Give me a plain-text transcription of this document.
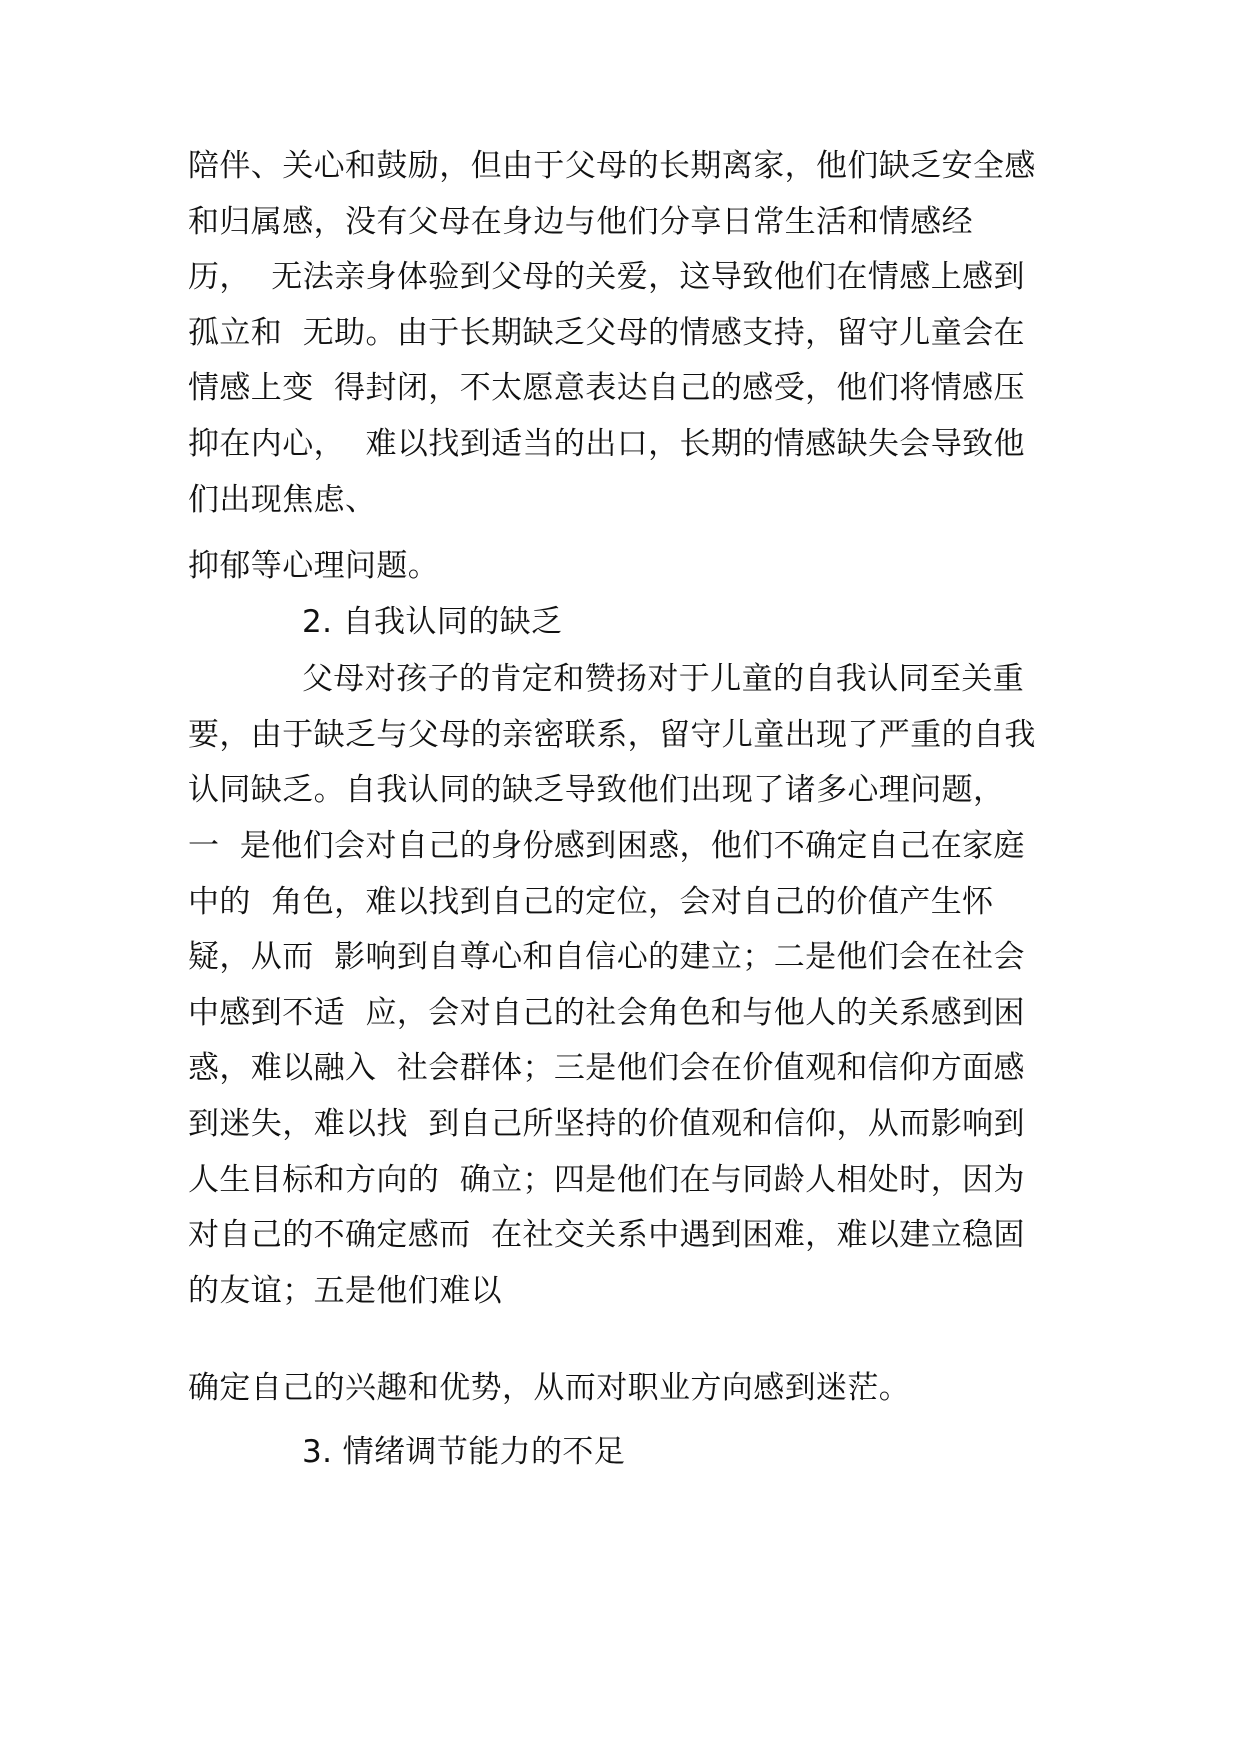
陪伴、关心和鼓励，但由于父母的长期离家，他们缺乏安全感
和归属感，没有父母在身边与他们分享日常生活和情感经
历，  无法亲身体验到父母的关爱，这导致他们在情感上感到
孤立和  无助。由于长期缺乏父母的情感支持，留守儿童会在
情感上变  得封闭，不太愿意表达自己的感受，他们将情感压
抑在内心，  难以找到适当的出口，长期的情感缺失会导致他
们出现焦虑、
抑郁等心理问题。
2. 自我认同的缺乏
父母对孩子的肯定和赞扬对于儿童的自我认同至关重
要，由于缺乏与父母的亲密联系，留守儿童出现了严重的自我
认同缺乏。自我认同的缺乏导致他们出现了诸多心理问题，
一  是他们会对自己的身份感到困惑，他们不确定自己在家庭
中的  角色，难以找到自己的定位，会对自己的价值产生怀
疑，从而  影响到自尊心和自信心的建立；二是他们会在社会
中感到不适  应，会对自己的社会角色和与他人的关系感到困
惑，难以融入  社会群体；三是他们会在价值观和信仰方面感
到迷失，难以找  到自己所坚持的价值观和信仰，从而影响到
人生目标和方向的  确立；四是他们在与同龄人相处时，因为
对自己的不确定感而  在社交关系中遇到困难，难以建立稳固
的友谊；五是他们难以
确定自己的兴趣和优势，从而对职业方向感到迷茫。
3. 情绪调节能力的不足
